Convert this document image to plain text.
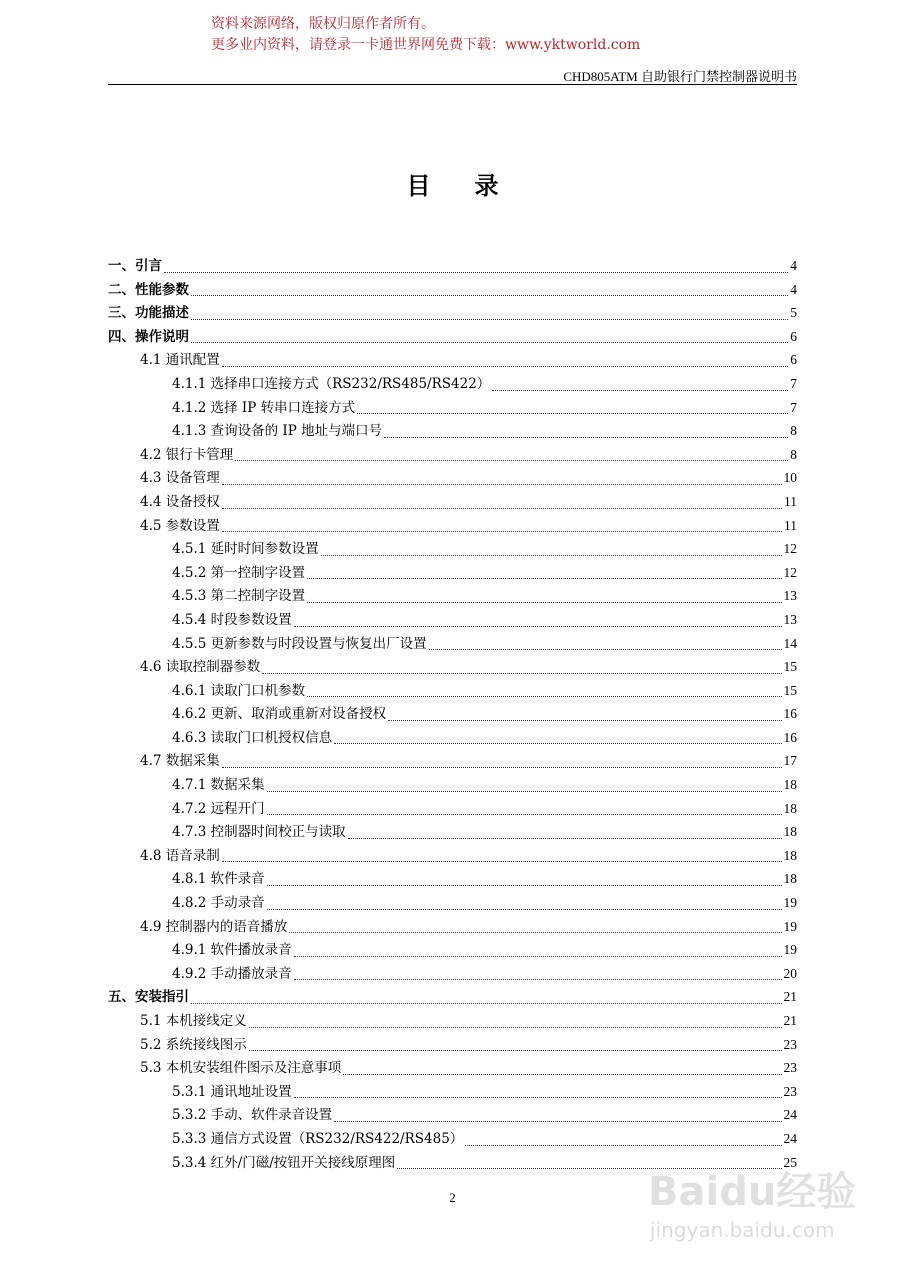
资料来源网络，版权归原作者所有。
更多业内资料，请登录一卡通世界网免费下载：www.yktworld.com
CHD805ATM 自助银行门禁控制器说明书
目录
一、引言	4
二、性能参数	4
三、功能描述	5
四、操作说明	6
4.1 通讯配置	6
4.1.1 选择串口连接方式（RS232/RS485/RS422）	7
4.1.2 选择 IP 转串口连接方式	7
4.1.3 查询设备的 IP 地址与端口号	8
4.2 银行卡管理	8
4.3 设备管理	10
4.4 设备授权	11
4.5 参数设置	11
4.5.1 延时时间参数设置	12
4.5.2 第一控制字设置	12
4.5.3 第二控制字设置	13
4.5.4 时段参数设置	13
4.5.5 更新参数与时段设置与恢复出厂设置	14
4.6 读取控制器参数	15
4.6.1 读取门口机参数	15
4.6.2 更新、取消或重新对设备授权	16
4.6.3 读取门口机授权信息	16
4.7 数据采集	17
4.7.1 数据采集	18
4.7.2 远程开门	18
4.7.3 控制器时间校正与读取	18
4.8 语音录制	18
4.8.1 软件录音	18
4.8.2 手动录音	19
4.9 控制器内的语音播放	19
4.9.1 软件播放录音	19
4.9.2 手动播放录音	20
五、安装指引	21
5.1 本机接线定义	21
5.2 系统接线图示	23
5.3 本机安装组件图示及注意事项	23
5.3.1 通讯地址设置	23
5.3.2 手动、软件录音设置	24
5.3.3 通信方式设置（RS232/RS422/RS485）	24
5.3.4 红外/门磁/按钮开关接线原理图	25
2	Baidu经验
jingyan.baidu.com
